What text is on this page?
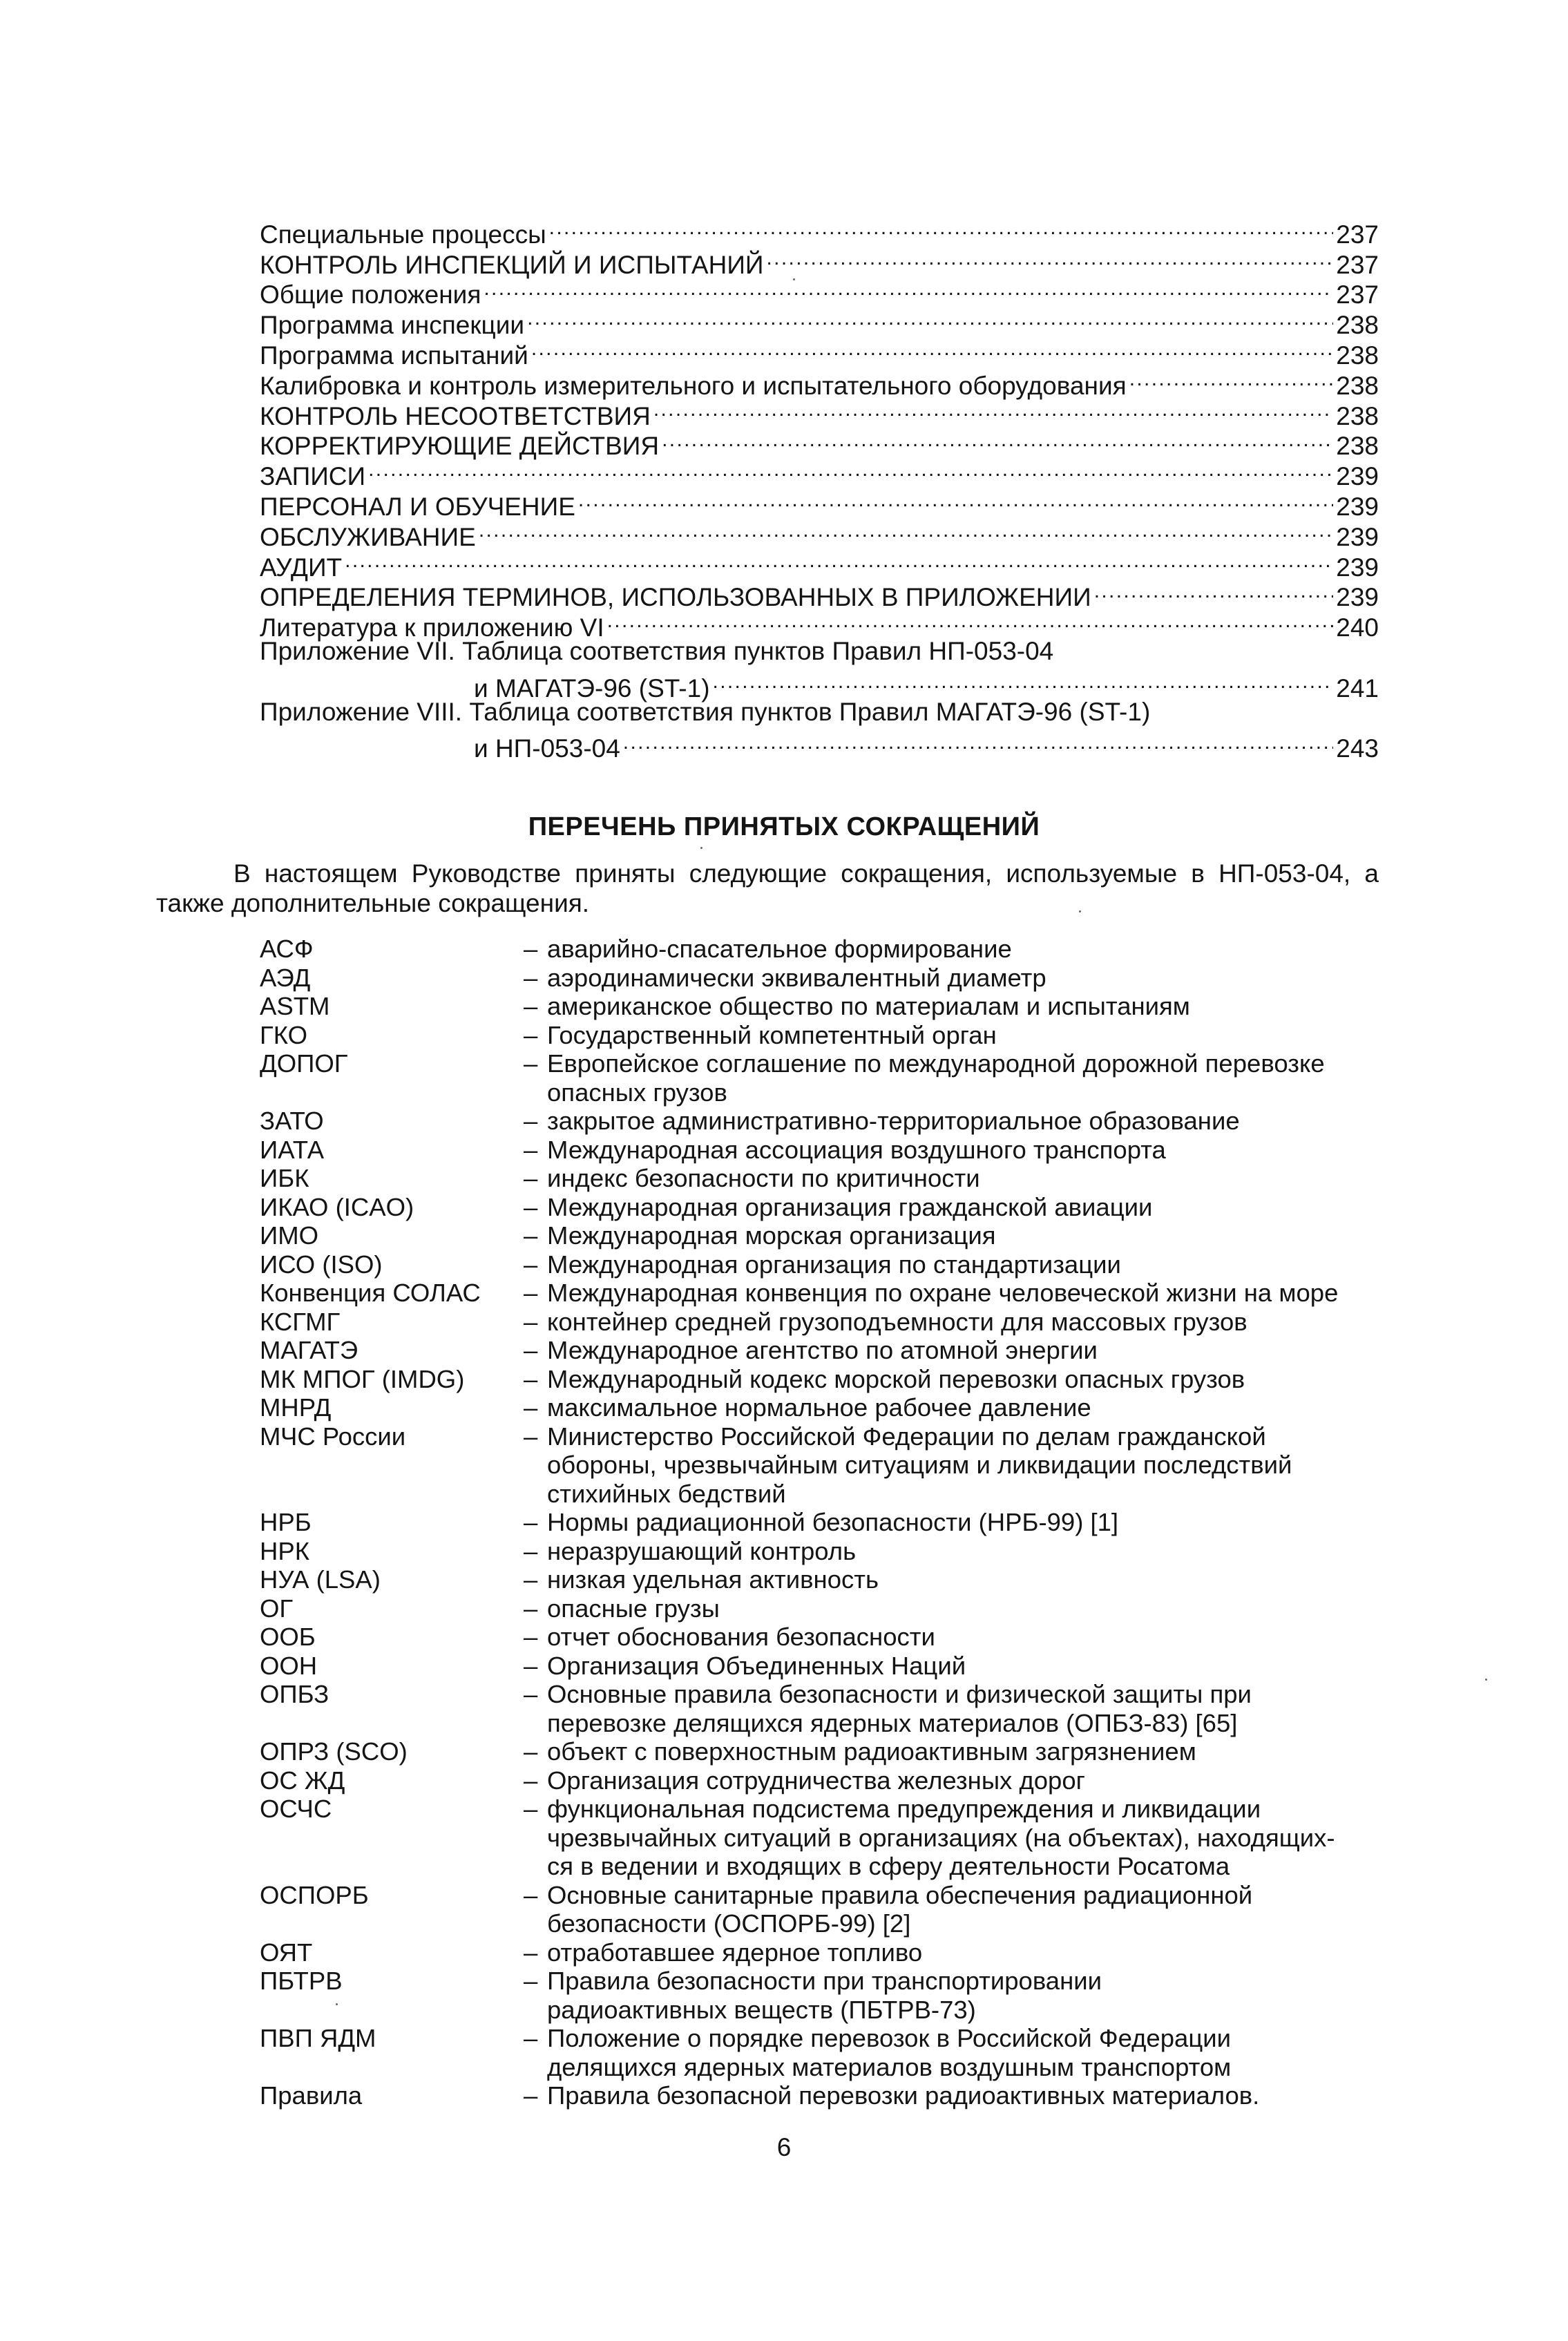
Специальные процессы . . .	237
КОНТРОЛЬ ИНСПЕКЦИЙ И ИСПЫТАНИЙ . . .	237
Общие положения . . .	237
Программа инспекции . . .	238
Программа испытаний . . .	238
Калибровка и контроль измерительного и испытательного оборудования . . .	238
КОНТРОЛЬ НЕСООТВЕТСТВИЯ . . .	238
КОРРЕКТИРУЮЩИЕ ДЕЙСТВИЯ . . .	238
ЗАПИСИ . . .	239
ПЕРСОНАЛ И ОБУЧЕНИЕ . . .	239
ОБСЛУЖИВАНИЕ . . .	239
АУДИТ . . .	239
ОПРЕДЕЛЕНИЯ ТЕРМИНОВ, ИСПОЛЬЗОВАННЫХ В ПРИЛОЖЕНИИ . . .	239
Литература к приложению VI . . .	240
Приложение VII. Таблица соответствия пунктов Правил НП-053-04
и МАГАТЭ-96 (ST-1) . . .	241
Приложение VIII. Таблица соответствия пунктов Правил МАГАТЭ-96 (ST-1)
и НП-053-04 . . .	243
ПЕРЕЧЕНЬ ПРИНЯТЫХ СОКРАЩЕНИЙ
В настоящем Руководстве приняты следующие сокращения, используемые в НП-053-04, а также дополнительные сокращения.
АСФ	– аварийно-спасательное формирование
АЭД	– аэродинамически эквивалентный диаметр
ASTM	– американское общество по материалам и испытаниям
ГКО	– Государственный компетентный орган
ДОПОГ	– Европейское соглашение по международной дорожной перевозке
опасных грузов
ЗАТО	– закрытое административно-территориальное образование
ИАТА	– Международная ассоциация воздушного транспорта
ИБК	– индекс безопасности по критичности
ИКАО (ICAO)	– Международная организация гражданской авиации
ИМО	– Международная морская организация
ИСО (ISO)	– Международная организация по стандартизации
Конвенция СОЛАС	– Международная конвенция по охране человеческой жизни на море
КСГМГ	– контейнер средней грузоподъемности для массовых грузов
МАГАТЭ	– Международное агентство по атомной энергии
МК МПОГ (IMDG)	– Международный кодекс морской перевозки опасных грузов
МНРД	– максимальное нормальное рабочее давление
МЧС России	– Министерство Российской Федерации по делам гражданской
обороны, чрезвычайным ситуациям и ликвидации последствий
стихийных бедствий
НРБ	– Нормы радиационной безопасности (НРБ-99) [1]
НРК	– неразрушающий контроль
НУА (LSA)	– низкая удельная активность
ОГ	– опасные грузы
ООБ	– отчет обоснования безопасности
ООН	– Организация Объединенных Наций
ОПБЗ	– Основные правила безопасности и физической защиты при
перевозке делящихся ядерных материалов (ОПБЗ-83) [65]
ОПРЗ (SCO)	– объект с поверхностным радиоактивным загрязнением
ОС ЖД	– Организация сотрудничества железных дорог
ОСЧС	– функциональная подсистема предупреждения и ликвидации
чрезвычайных ситуаций в организациях (на объектах), находящих-
ся в ведении и входящих в сферу деятельности Росатома
ОСПОРБ	– Основные санитарные правила обеспечения радиационной
безопасности (ОСПОРБ-99) [2]
ОЯТ	– отработавшее ядерное топливо
ПБТРВ	– Правила безопасности при транспортировании
радиоактивных веществ (ПБТРВ-73)
ПВП ЯДМ	– Положение о порядке перевозок в Российской Федерации
делящихся ядерных материалов воздушным транспортом
Правила	– Правила безопасной перевозки радиоактивных материалов.
6
